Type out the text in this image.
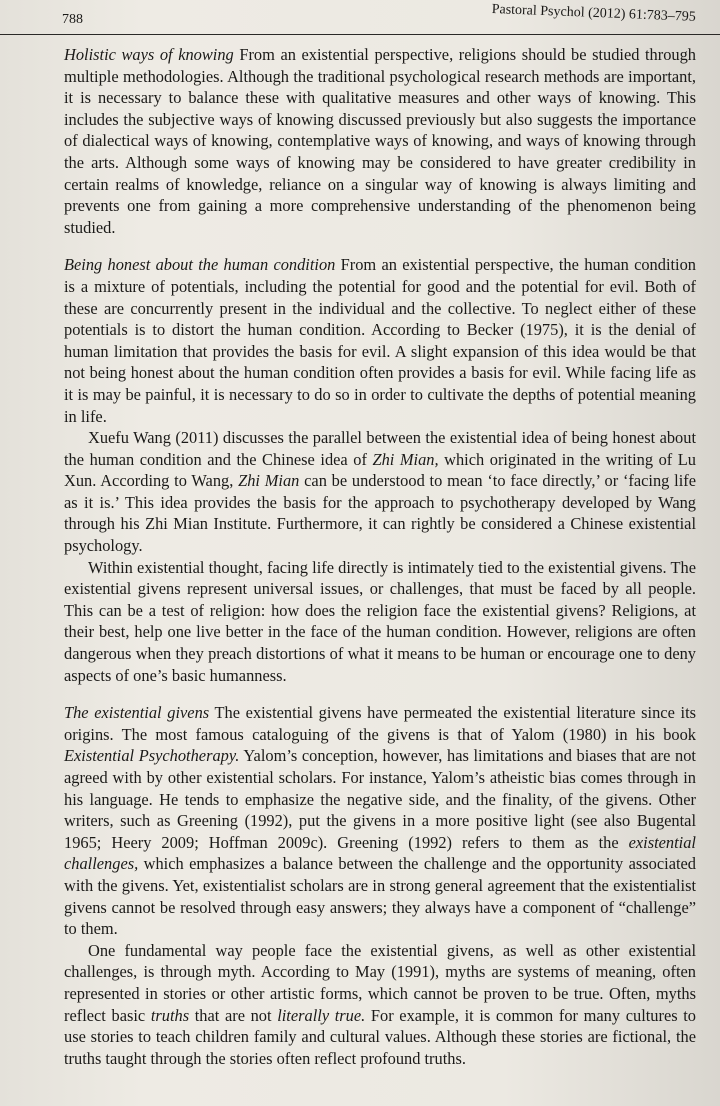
788	Pastoral Psychol (2012) 61:783–795

Holistic ways of knowing From an existential perspective, religions should be studied through multiple methodologies. Although the traditional psychological research methods are important, it is necessary to balance these with qualitative measures and other ways of knowing. This includes the subjective ways of knowing discussed previously but also suggests the importance of dialectical ways of knowing, contemplative ways of knowing, and ways of knowing through the arts. Although some ways of knowing may be considered to have greater credibility in certain realms of knowledge, reliance on a singular way of knowing is always limiting and prevents one from gaining a more comprehensive understanding of the phenomenon being studied.

Being honest about the human condition From an existential perspective, the human condition is a mixture of potentials, including the potential for good and the potential for evil. Both of these are concurrently present in the individual and the collective. To neglect either of these potentials is to distort the human condition. According to Becker (1975), it is the denial of human limitation that provides the basis for evil. A slight expansion of this idea would be that not being honest about the human condition often provides a basis for evil. While facing life as it is may be painful, it is necessary to do so in order to cultivate the depths of potential meaning in life.

Xuefu Wang (2011) discusses the parallel between the existential idea of being honest about the human condition and the Chinese idea of Zhi Mian, which originated in the writing of Lu Xun. According to Wang, Zhi Mian can be understood to mean ‘to face directly,’ or ‘facing life as it is.’ This idea provides the basis for the approach to psychotherapy developed by Wang through his Zhi Mian Institute. Furthermore, it can rightly be considered a Chinese existential psychology.

Within existential thought, facing life directly is intimately tied to the existential givens. The existential givens represent universal issues, or challenges, that must be faced by all people. This can be a test of religion: how does the religion face the existential givens? Religions, at their best, help one live better in the face of the human condition. However, religions are often dangerous when they preach distortions of what it means to be human or encourage one to deny aspects of one’s basic humanness.

The existential givens The existential givens have permeated the existential literature since its origins. The most famous cataloguing of the givens is that of Yalom (1980) in his book Existential Psychotherapy. Yalom’s conception, however, has limitations and biases that are not agreed with by other existential scholars. For instance, Yalom’s atheistic bias comes through in his language. He tends to emphasize the negative side, and the finality, of the givens. Other writers, such as Greening (1992), put the givens in a more positive light (see also Bugental 1965; Heery 2009; Hoffman 2009c). Greening (1992) refers to them as the existential challenges, which emphasizes a balance between the challenge and the opportunity associated with the givens. Yet, existentialist scholars are in strong general agreement that the existentialist givens cannot be resolved through easy answers; they always have a component of “challenge” to them.

One fundamental way people face the existential givens, as well as other existential challenges, is through myth. According to May (1991), myths are systems of meaning, often represented in stories or other artistic forms, which cannot be proven to be true. Often, myths reflect basic truths that are not literally true. For example, it is common for many cultures to use stories to teach children family and cultural values. Although these stories are fictional, the truths taught through the stories often reflect profound truths.
